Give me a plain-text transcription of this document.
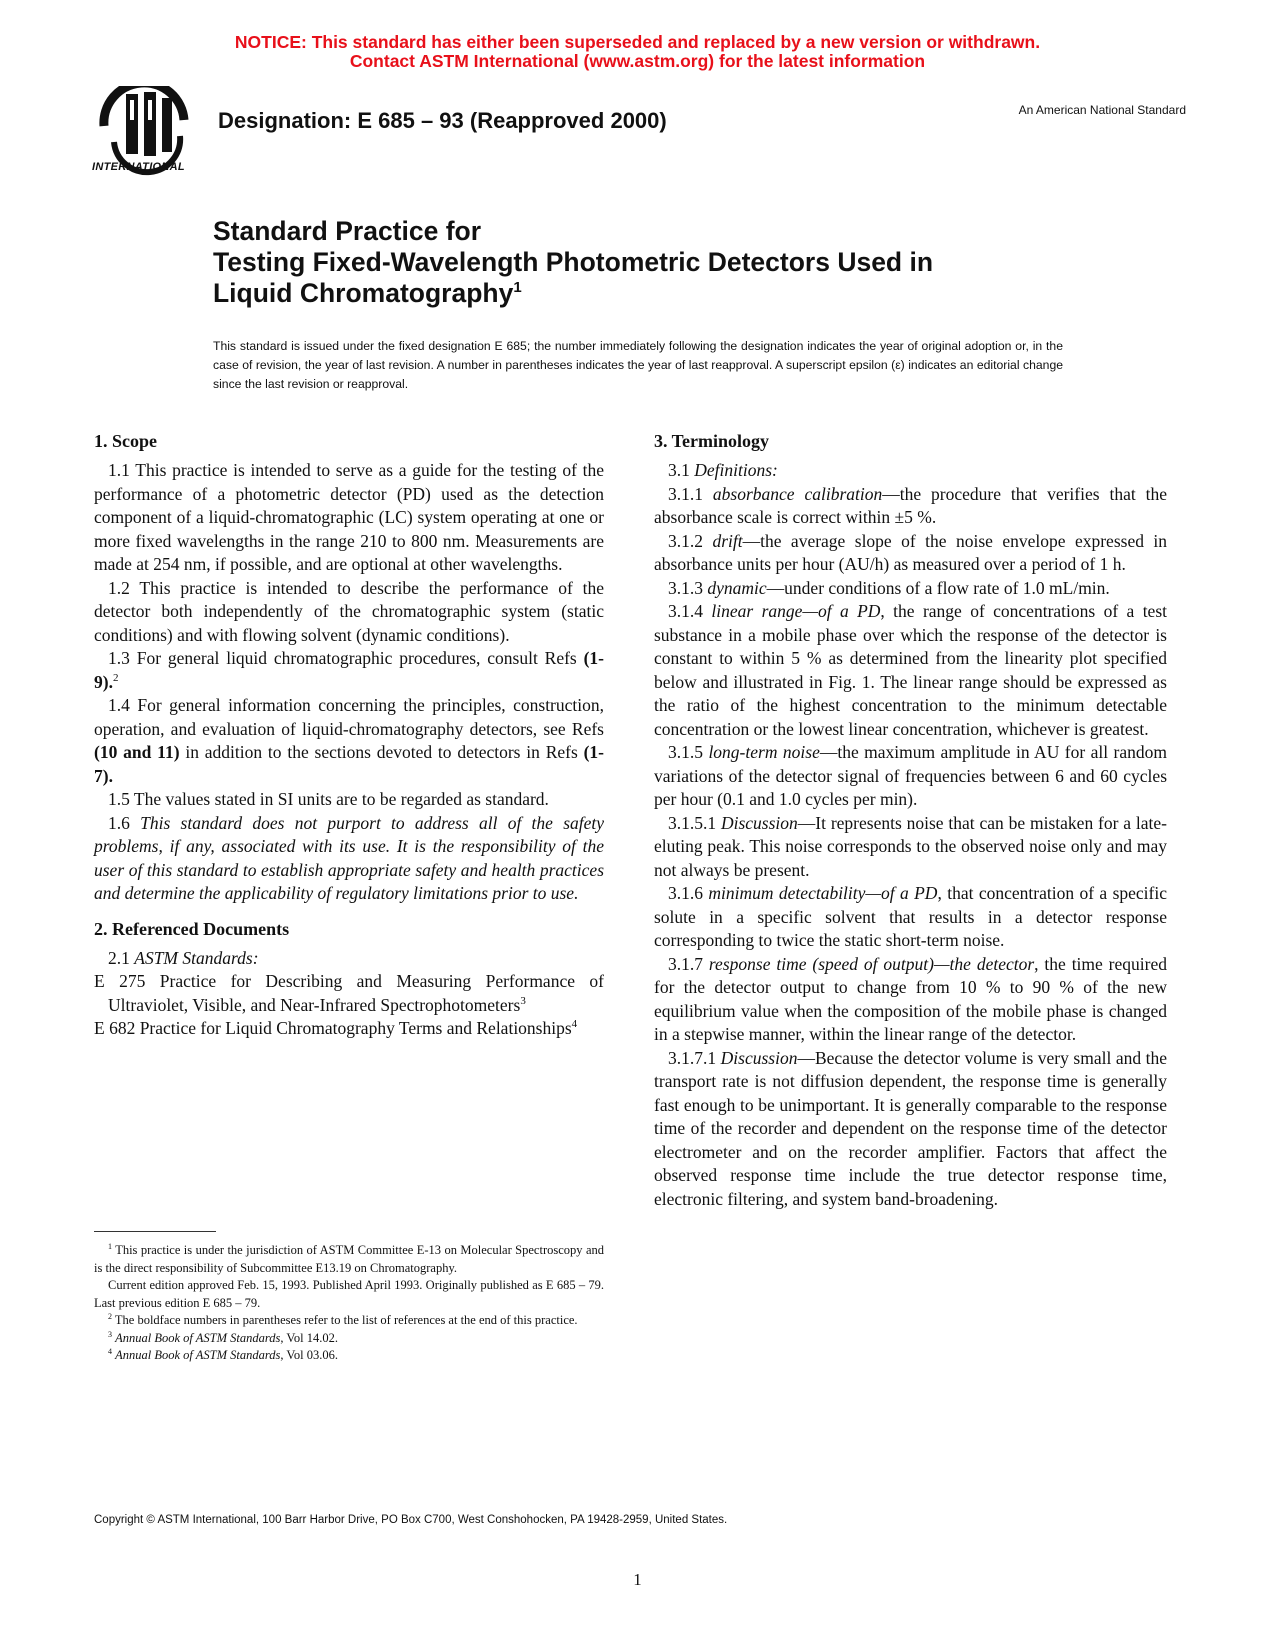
NOTICE: This standard has either been superseded and replaced by a new version or withdrawn.
Contact ASTM International (www.astm.org) for the latest information
INTERNATIONAL
Designation: E 685 – 93 (Reapproved 2000)	An American National Standard
Standard Practice for
Testing Fixed-Wavelength Photometric Detectors Used in
Liquid Chromatography$^1$
This standard is issued under the fixed designation E 685; the number immediately following the designation indicates the year of original adoption or, in the case of revision, the year of last revision. A number in parentheses indicates the year of last reapproval. A superscript epsilon (ε) indicates an editorial change since the last revision or reapproval.
1. Scope

1.1 This practice is intended to serve as a guide for the testing of the performance of a photometric detector (PD) used as the detection component of a liquid-chromatographic (LC) system operating at one or more fixed wavelengths in the range 210 to 800 nm. Measurements are made at 254 nm, if possible, and are optional at other wavelengths.

1.2 This practice is intended to describe the performance of the detector both independently of the chromatographic system (static conditions) and with flowing solvent (dynamic conditions).

1.3 For general liquid chromatographic procedures, consult Refs (1-9).$^2$

1.4 For general information concerning the principles, construction, operation, and evaluation of liquid-chromatography detectors, see Refs (10 and 11) in addition to the sections devoted to detectors in Refs (1-7).

1.5 The values stated in SI units are to be regarded as standard.

1.6 This standard does not purport to address all of the safety problems, if any, associated with its use. It is the responsibility of the user of this standard to establish appropriate safety and health practices and determine the applicability of regulatory limitations prior to use.

2. Referenced Documents

2.1 ASTM Standards:

E 275 Practice for Describing and Measuring Performance of Ultraviolet, Visible, and Near-Infrared Spectrophotometers$^3$

E 682 Practice for Liquid Chromatography Terms and Relationships$^4$

$^1$ This practice is under the jurisdiction of ASTM Committee E-13 on Molecular Spectroscopy and is the direct responsibility of Subcommittee E13.19 on Chromatography.

Current edition approved Feb. 15, 1993. Published April 1993. Originally published as E 685 – 79. Last previous edition E 685 – 79.

$^2$ The boldface numbers in parentheses refer to the list of references at the end of this practice.

$^3$ Annual Book of ASTM Standards, Vol 14.02.

$^4$ Annual Book of ASTM Standards, Vol 03.06.

3. Terminology

3.1 Definitions:

3.1.1 absorbance calibration—the procedure that verifies that the absorbance scale is correct within ±5 %.

3.1.2 drift—the average slope of the noise envelope expressed in absorbance units per hour (AU/h) as measured over a period of 1 h.

3.1.3 dynamic—under conditions of a flow rate of 1.0 mL/min.

3.1.4 linear range—of a PD, the range of concentrations of a test substance in a mobile phase over which the response of the detector is constant to within 5 % as determined from the linearity plot specified below and illustrated in Fig. 1. The linear range should be expressed as the ratio of the highest concentration to the minimum detectable concentration or the lowest linear concentration, whichever is greatest.

3.1.5 long-term noise—the maximum amplitude in AU for all random variations of the detector signal of frequencies between 6 and 60 cycles per hour (0.1 and 1.0 cycles per min).

3.1.5.1 Discussion—It represents noise that can be mistaken for a late-eluting peak. This noise corresponds to the observed noise only and may not always be present.

3.1.6 minimum detectability—of a PD, that concentration of a specific solute in a specific solvent that results in a detector response corresponding to twice the static short-term noise.

3.1.7 response time (speed of output)—the detector, the time required for the detector output to change from 10 % to 90 % of the new equilibrium value when the composition of the mobile phase is changed in a stepwise manner, within the linear range of the detector.

3.1.7.1 Discussion—Because the detector volume is very small and the transport rate is not diffusion dependent, the response time is generally fast enough to be unimportant. It is generally comparable to the response time of the recorder and dependent on the response time of the detector electrometer and on the recorder amplifier. Factors that affect the observed response time include the true detector response time, electronic filtering, and system band-broadening.

Copyright © ASTM International, 100 Barr Harbor Drive, PO Box C700, West Conshohocken, PA 19428-2959, United States.
1
